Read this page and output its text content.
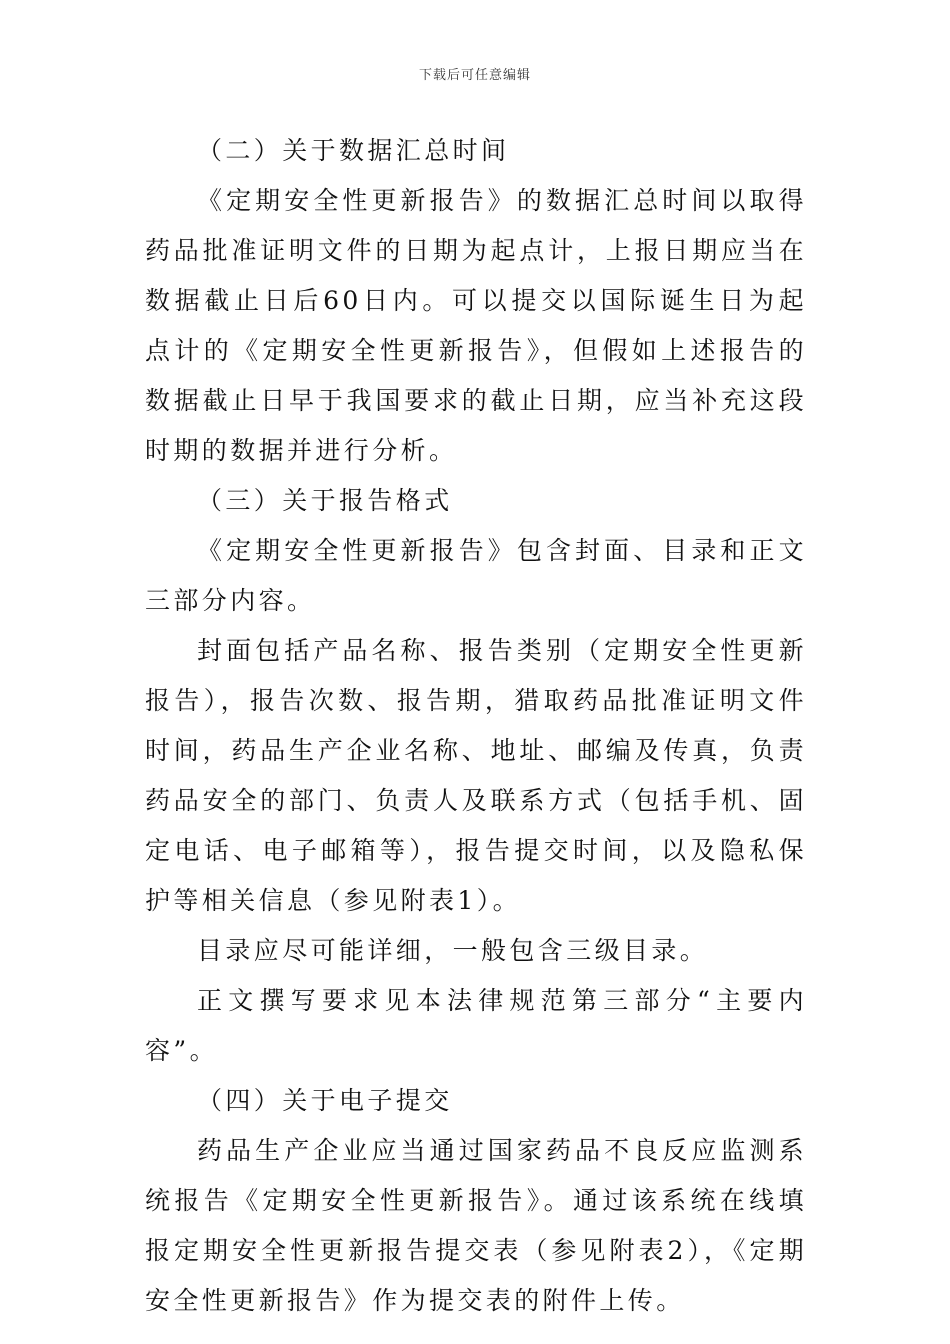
下载后可任意编辑

（二）关于数据汇总时间

《定期安全性更新报告》的数据汇总时间以取得药品批准证明文件的日期为起点计，上报日期应当在数据截止日后60日内。可以提交以国际诞生日为起点计的《定期安全性更新报告》，但假如上述报告的数据截止日早于我国要求的截止日期，应当补充这段时期的数据并进行分析。

（三）关于报告格式

《定期安全性更新报告》包含封面、目录和正文三部分内容。

封面包括产品名称、报告类别（定期安全性更新报告），报告次数、报告期，猎取药品批准证明文件时间，药品生产企业名称、地址、邮编及传真，负责药品安全的部门、负责人及联系方式（包括手机、固定电话、电子邮箱等），报告提交时间，以及隐私保护等相关信息（参见附表1）。

目录应尽可能详细，一般包含三级目录。

正文撰写要求见本法律规范第三部分“主要内容”。

（四）关于电子提交

药品生产企业应当通过国家药品不良反应监测系统报告《定期安全性更新报告》。通过该系统在线填报定期安全性更新报告提交表（参见附表2），《定期安全性更新报告》作为提交表的附件上传。
